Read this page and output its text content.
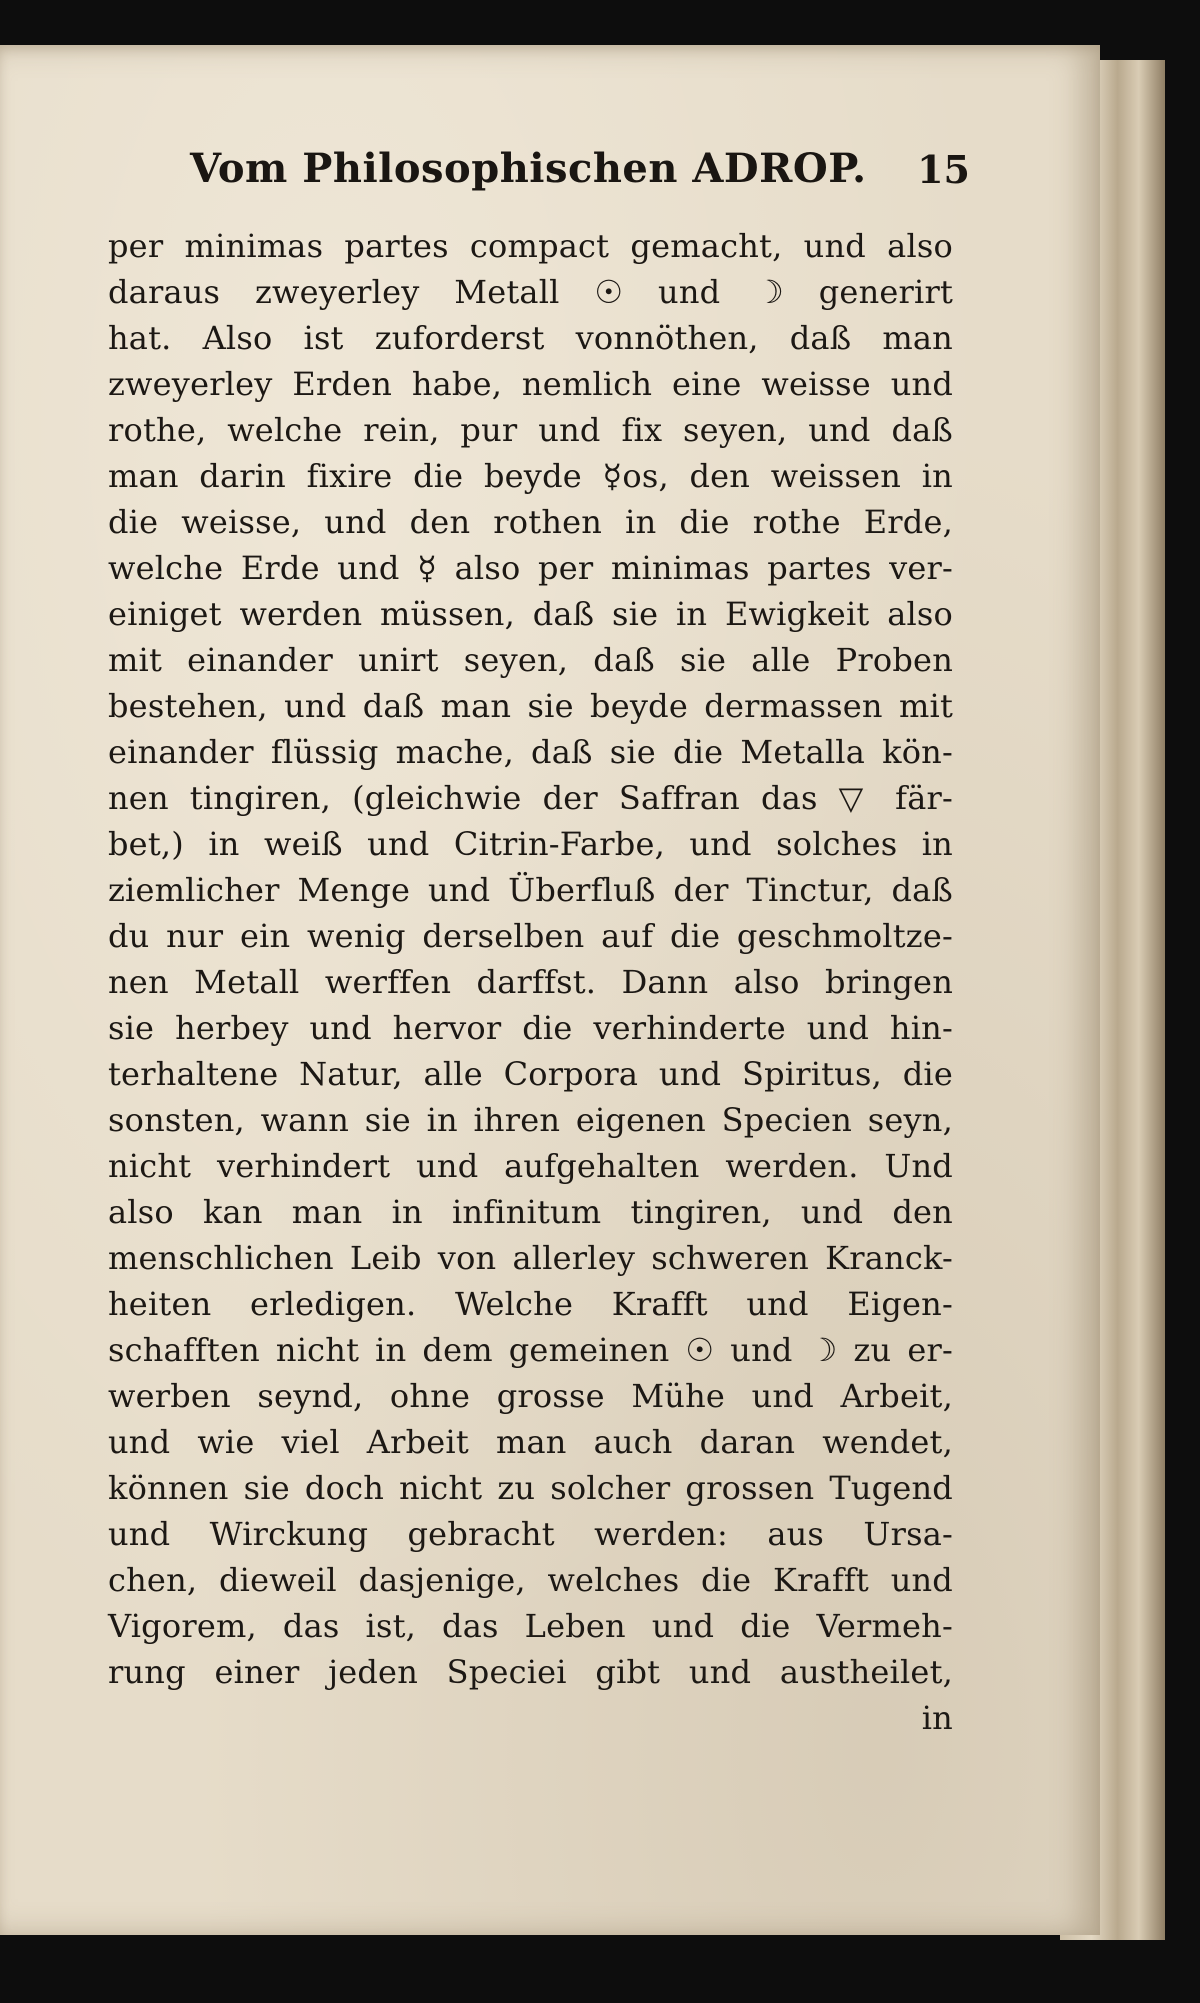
Vom Philosophischen ADROP. 15
per minimas partes compact gemacht, und also
daraus zweyerley Metall ☉ und ☽ generirt
hat. Also ist zuforderst vonnöthen, daß man
zweyerley Erden habe, nemlich eine weisse und
rothe, welche rein, pur und fix seyen, und daß
man darin fixire die beyde ☿os, den weissen in
die weisse, und den rothen in die rothe Erde,
welche Erde und ☿ also per minimas partes ver-
einiget werden müssen, daß sie in Ewigkeit also
mit einander unirt seyen, daß sie alle Proben
bestehen, und daß man sie beyde dermassen mit
einander flüssig mache, daß sie die Metalla kön-
nen tingiren, (gleichwie der Saffran das ▽ fär-
bet,) in weiß und Citrin-Farbe, und solches in
ziemlicher Menge und Überfluß der Tinctur, daß
du nur ein wenig derselben auf die geschmoltze-
nen Metall werffen darffst. Dann also bringen
sie herbey und hervor die verhinderte und hin-
terhaltene Natur, alle Corpora und Spiritus, die
sonsten, wann sie in ihren eigenen Specien seyn,
nicht verhindert und aufgehalten werden. Und
also kan man in infinitum tingiren, und den
menschlichen Leib von allerley schweren Kranck-
heiten erledigen. Welche Krafft und Eigen-
schafften nicht in dem gemeinen ☉ und ☽ zu er-
werben seynd, ohne grosse Mühe und Arbeit,
und wie viel Arbeit man auch daran wendet,
können sie doch nicht zu solcher grossen Tugend
und Wirckung gebracht werden: aus Ursa-
chen, dieweil dasjenige, welches die Krafft und
Vigorem, das ist, das Leben und die Vermeh-
rung einer jeden Speciei gibt und austheilet,
in
